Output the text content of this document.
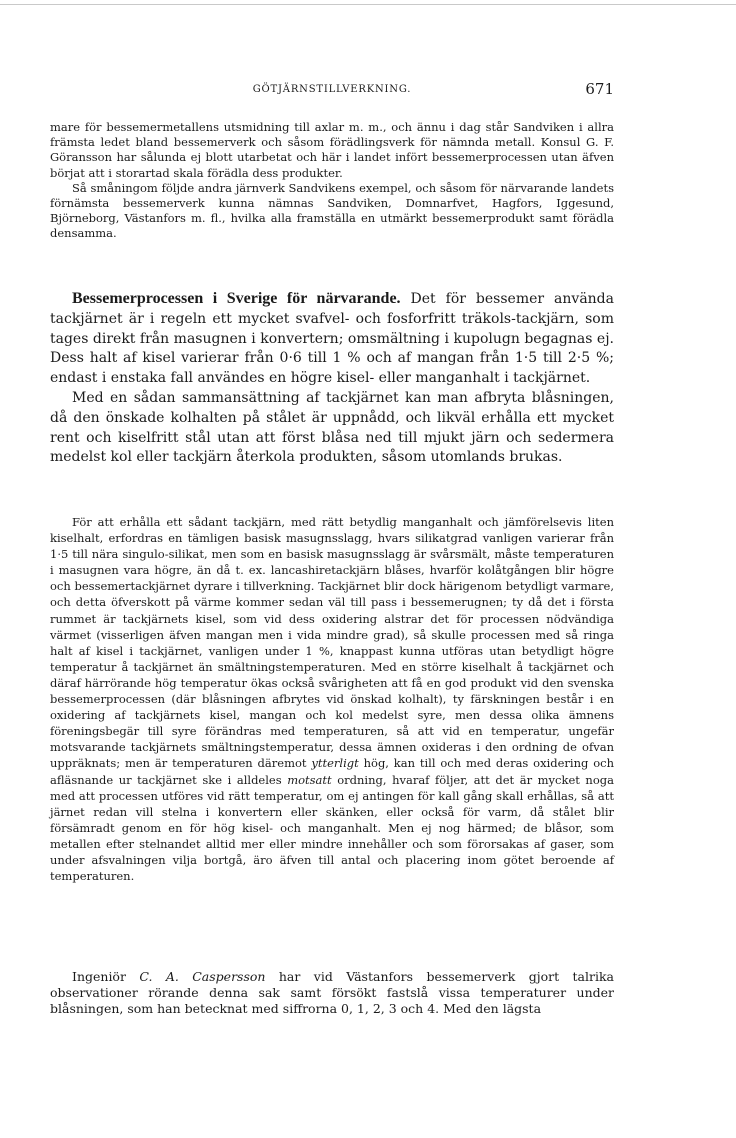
GÖTJÄRNSTILLVERKNING.	671

mare för bessemermetallens utsmidning till axlar m. m., och ännu i dag står Sandviken i allra främsta ledet bland bessemerverk och såsom förädlingsverk för nämnda metall. Konsul G. F. Göransson har sålunda ej blott utarbetat och här i landet infört bessemerprocessen utan äfven börjat att i storartad skala förädla dess produkter.

Så småningom följde andra järnverk Sandvikens exempel, och såsom för närvarande landets förnämsta bessemerverk kunna nämnas Sandviken, Domnarfvet, Hagfors, Iggesund, Björneborg, Västanfors m. fl., hvilka alla framställa en utmärkt bessemerprodukt samt förädla densamma.

Bessemerprocessen i Sverige för närvarande. Det för bessemer använda tackjärnet är i regeln ett mycket svafvel- och fosforfritt träkols-tackjärn, som tages direkt från masugnen i konvertern; omsmältning i kupolugn begagnas ej. Dess halt af kisel varierar från 0·6 till 1 % och af mangan från 1·5 till 2·5 %; endast i enstaka fall användes en högre kisel- eller manganhalt i tackjärnet.

Med en sådan sammansättning af tackjärnet kan man afbryta blåsningen, då den önskade kolhalten på stålet är uppnådd, och likväl erhålla ett mycket rent och kiselfritt stål utan att först blåsa ned till mjukt järn och sedermera medelst kol eller tackjärn återkola produkten, såsom utomlands brukas.

För att erhålla ett sådant tackjärn, med rätt betydlig manganhalt och jämförelsevis liten kiselhalt, erfordras en tämligen basisk masugnsslagg, hvars silikatgrad vanligen varierar från 1·5 till nära singulo-silikat, men som en basisk masugnsslagg är svårsmält, måste temperaturen i masugnen vara högre, än då t. ex. lancashiretackjärn blåses, hvarför kolåtgången blir högre och bessemertackjärnet dyrare i tillverkning. Tackjärnet blir dock härigenom betydligt varmare, och detta öfverskott på värme kommer sedan väl till pass i bessemerugnen; ty då det i första rummet är tackjärnets kisel, som vid dess oxidering alstrar det för processen nödvändiga värmet (visserligen äfven mangan men i vida mindre grad), så skulle processen med så ringa halt af kisel i tackjärnet, vanligen under 1 %, knappast kunna utföras utan betydligt högre temperatur å tackjärnet än smältningstemperaturen. Med en större kiselhalt å tackjärnet och däraf härrörande hög temperatur ökas också svårigheten att få en god produkt vid den svenska bessemerprocessen (där blåsningen afbrytes vid önskad kolhalt), ty färskningen består i en oxidering af tackjärnets kisel, mangan och kol medelst syre, men dessa olika ämnens föreningsbegär till syre förändras med temperaturen, så att vid en temperatur, ungefär motsvarande tackjärnets smältningstemperatur, dessa ämnen oxideras i den ordning de ofvan uppräknats; men är temperaturen däremot ytterligt hög, kan till och med deras oxidering och afläsnande ur tackjärnet ske i alldeles motsatt ordning, hvaraf följer, att det är mycket noga med att processen utföres vid rätt temperatur, om ej antingen för kall gång skall erhållas, så att järnet redan vill stelna i konvertern eller skänken, eller också för varm, då stålet blir försämradt genom en för hög kisel- och manganhalt. Men ej nog härmed; de blåsor, som metallen efter stelnandet alltid mer eller mindre innehåller och som förorsakas af gaser, som under afsvalningen vilja bortgå, äro äfven till antal och placering inom götet beroende af temperaturen.

Ingeniör C. A. Caspersson har vid Västanfors bessemerverk gjort talrika observationer rörande denna sak samt försökt fastslå vissa temperaturer under blåsningen, som han betecknat med siffrorna 0, 1, 2, 3 och 4. Med den lägsta
